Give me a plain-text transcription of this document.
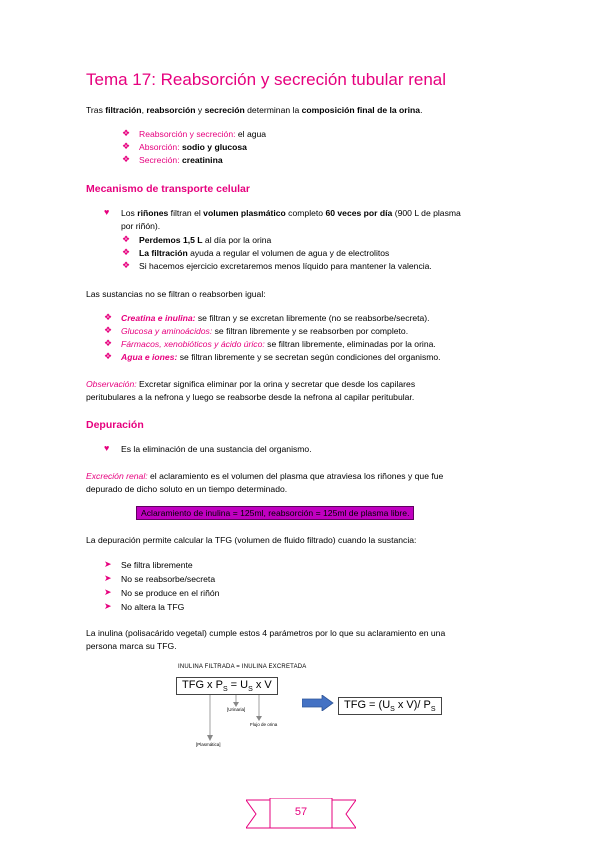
Tema 17: Reabsorción y secreción tubular renal
Tras filtración, reabsorción y secreción determinan la composición final de la orina.
❖ Reabsorción y secreción: el agua
❖ Absorción: sodio y glucosa
❖ Secreción: creatinina
Mecanismo de transporte celular
♥ Los riñones filtran el volumen plasmático completo 60 veces por día (900 L de plasma
por riñón).
❖ Perdemos 1,5 L al día por la orina
❖ La filtración ayuda a regular el volumen de agua y de electrolitos
❖ Si hacemos ejercicio excretaremos menos líquido para mantener la valencia.
Las sustancias no se filtran o reabsorben igual:
❖ Creatina e inulina: se filtran y se excretan libremente (no se reabsorbe/secreta).
❖ Glucosa y aminoácidos: se filtran libremente y se reabsorben por completo.
❖ Fármacos, xenobióticos y ácido úrico: se filtran libremente, eliminadas por la orina.
❖ Agua e iones: se filtran libremente y se secretan según condiciones del organismo.
Observación: Excretar significa eliminar por la orina y secretar que desde los capilares
peritubulares a la nefrona y luego se reabsorbe desde la nefrona al capilar peritubular.
Depuración
♥ Es la eliminación de una sustancia del organismo.
Excreción renal: el aclaramiento es el volumen del plasma que atraviesa los riñones y que fue
depurado de dicho soluto en un tiempo determinado.
Aclaramiento de inulina = 125ml, reabsorción = 125ml de plasma libre.
La depuración permite calcular la TFG (volumen de fluido filtrado) cuando la sustancia:
➤ Se filtra libremente
➤ No se reabsorbe/secreta
➤ No se produce en el riñón
➤ No altera la TFG
La inulina (polisacárido vegetal) cumple estos 4 parámetros por lo que su aclaramiento en una
persona marca su TFG.
INULINA FILTRADA = INULINA EXCRETADA
TFG x $P_S = U_S$ x V
[Urinaria]
Flujo de orina
[Plasmática]
TFG = ($U_S$ x V)/ $P_S$
57
